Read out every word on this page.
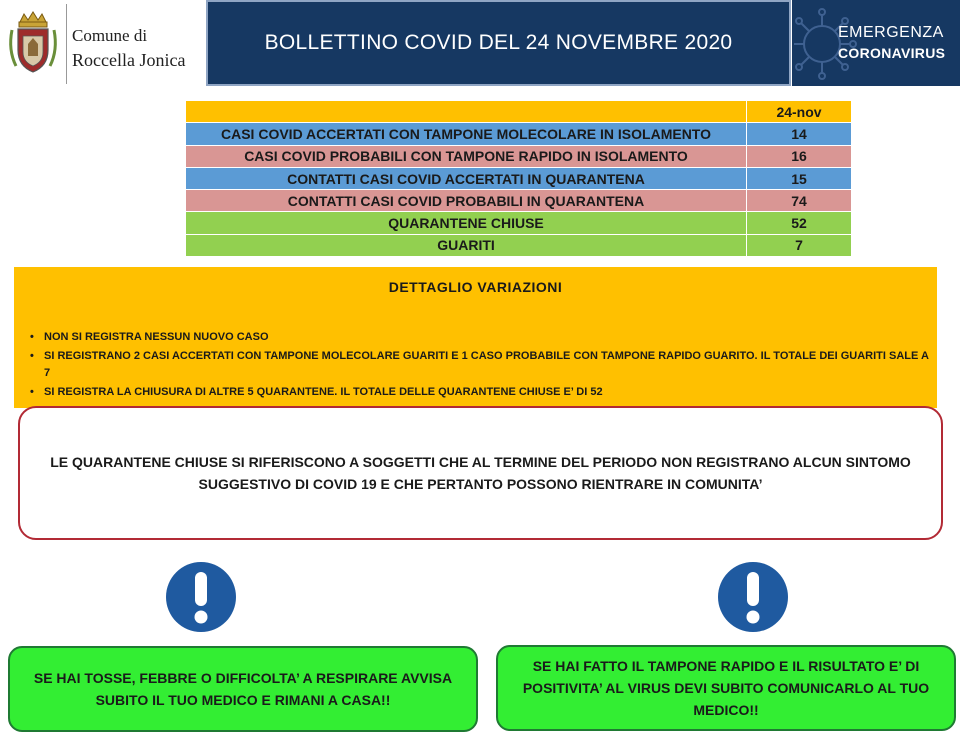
Comune di
Roccella Jonica
BOLLETTINO COVID DEL 24 NOVEMBRE 2020	EMERGENZA
CORONAVIRUS
	24-nov
CASI COVID ACCERTATI CON TAMPONE MOLECOLARE IN ISOLAMENTO	14
CASI COVID PROBABILI CON TAMPONE RAPIDO IN ISOLAMENTO	16
CONTATTI CASI COVID ACCERTATI IN QUARANTENA	15
CONTATTI CASI COVID PROBABILI IN QUARANTENA	74
QUARANTENE CHIUSE	52
GUARITI	7
DETTAGLIO VARIAZIONI
• NON SI REGISTRA NESSUN NUOVO CASO
• SI REGISTRANO 2 CASI ACCERTATI CON TAMPONE MOLECOLARE GUARITI E 1 CASO PROBABILE CON TAMPONE RAPIDO GUARITO. IL TOTALE DEI GUARITI SALE A 7
• SI REGISTRA LA CHIUSURA DI ALTRE 5 QUARANTENE. IL TOTALE DELLE QUARANTENE CHIUSE E’ DI 52
LE QUARANTENE CHIUSE SI RIFERISCONO A SOGGETTI CHE AL TERMINE DEL PERIODO NON REGISTRANO ALCUN SINTOMO SUGGESTIVO DI COVID 19 E CHE PERTANTO POSSONO RIENTRARE IN COMUNITA’
SE HAI TOSSE, FEBBRE O DIFFICOLTA’ A RESPIRARE AVVISA SUBITO IL TUO MEDICO E RIMANI A CASA!!
SE HAI FATTO IL TAMPONE RAPIDO E IL RISULTATO E’ DI POSITIVITA’ AL VIRUS DEVI SUBITO COMUNICARLO AL TUO MEDICO!!
